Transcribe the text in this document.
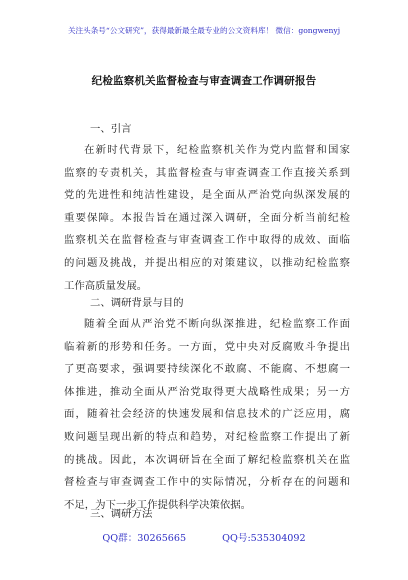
关注头条号“公文研究”，获得最新最全最专业的公文资料库！ 微信：gongwenyj
纪检监察机关监督检查与审查调查工作调研报告
一、引言
在新时代背景下，纪检监察机关作为党内监督和国家
监察的专责机关，其监督检查与审查调查工作直接关系到
党的先进性和纯洁性建设，是全面从严治党向纵深发展的
重要保障。本报告旨在通过深入调研，全面分析当前纪检
监察机关在监督检查与审查调查工作中取得的成效、面临
的问题及挑战，并提出相应的对策建议，以推动纪检监察
工作高质量发展。
二、调研背景与目的
随着全面从严治党不断向纵深推进，纪检监察工作面
临着新的形势和任务。一方面，党中央对反腐败斗争提出
了更高要求，强调要持续深化不敢腐、不能腐、不想腐一
体推进，推动全面从严治党取得更大战略性成果；另一方
面，随着社会经济的快速发展和信息技术的广泛应用，腐
败问题呈现出新的特点和趋势，对纪检监察工作提出了新
的挑战。因此，本次调研旨在全面了解纪检监察机关在监
督检查与审查调查工作中的实际情况，分析存在的问题和
不足，为下一步工作提供科学决策依据。
三、调研方法
QQ群：30265665	QQ号:535304092
